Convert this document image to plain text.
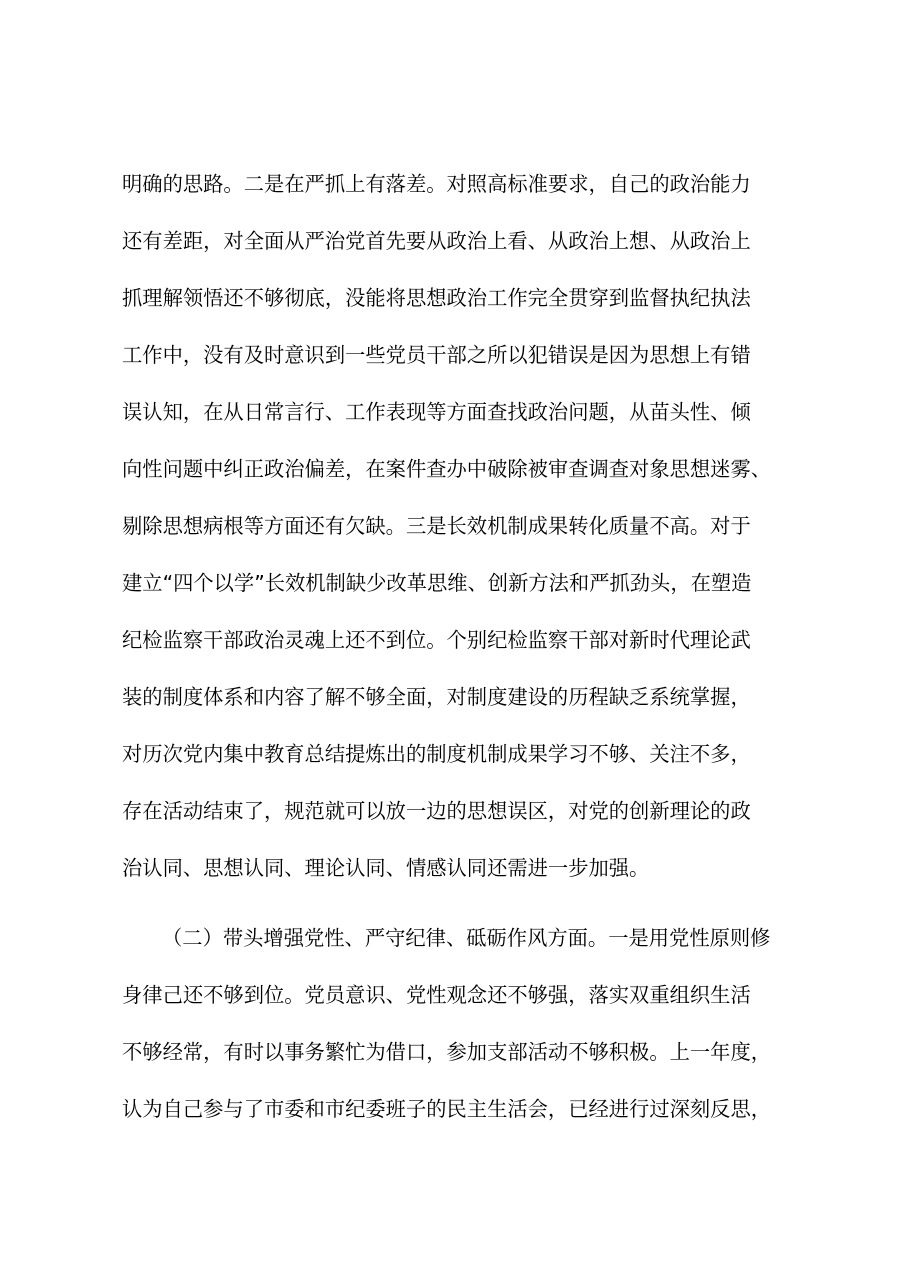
明确的思路。二是在严抓上有落差。对照高标准要求，自己的政治能力
还有差距，对全面从严治党首先要从政治上看、从政治上想、从政治上
抓理解领悟还不够彻底，没能将思想政治工作完全贯穿到监督执纪执法
工作中，没有及时意识到一些党员干部之所以犯错误是因为思想上有错
误认知，在从日常言行、工作表现等方面查找政治问题，从苗头性、倾
向性问题中纠正政治偏差，在案件查办中破除被审查调查对象思想迷雾、
剔除思想病根等方面还有欠缺。三是长效机制成果转化质量不高。对于
建立“四个以学”长效机制缺少改革思维、创新方法和严抓劲头，在塑造
纪检监察干部政治灵魂上还不到位。个别纪检监察干部对新时代理论武
装的制度体系和内容了解不够全面，对制度建设的历程缺乏系统掌握，
对历次党内集中教育总结提炼出的制度机制成果学习不够、关注不多，
存在活动结束了，规范就可以放一边的思想误区，对党的创新理论的政
治认同、思想认同、理论认同、情感认同还需进一步加强。
（二）带头增强党性、严守纪律、砥砺作风方面。一是用党性原则修
身律己还不够到位。党员意识、党性观念还不够强，落实双重组织生活
不够经常，有时以事务繁忙为借口，参加支部活动不够积极。上一年度，
认为自己参与了市委和市纪委班子的民主生活会，已经进行过深刻反思，
